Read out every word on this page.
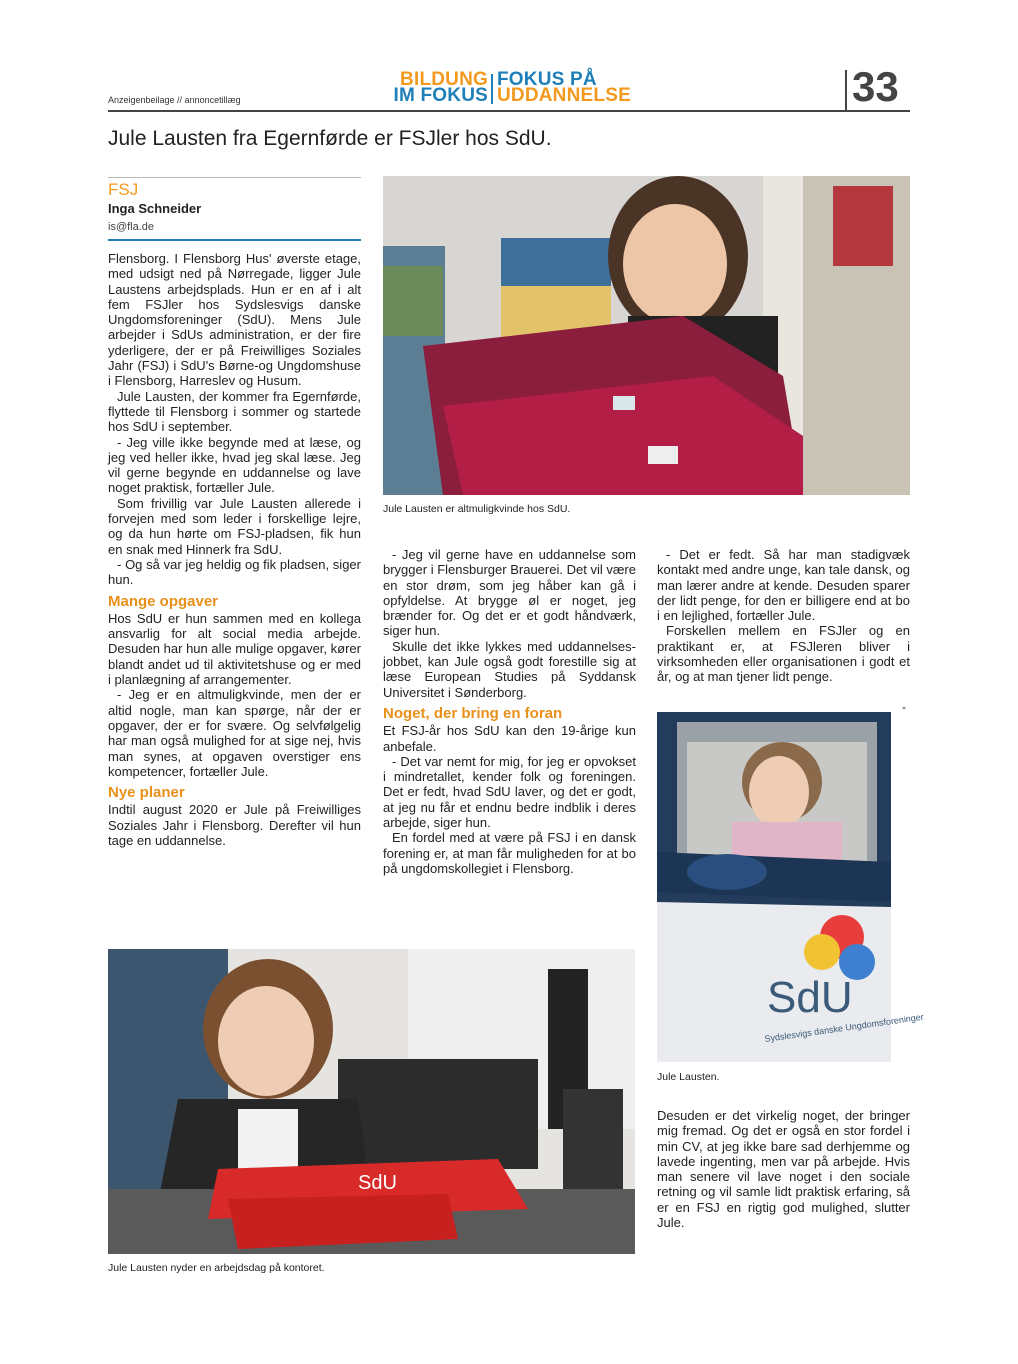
Anzeigenbeilage // annoncetillæg
BILDUNG
IM FOKUS
FOKUS PÅ
UDDANNELSE	33
Jule Lausten fra Egernførde er FSJler hos SdU.
FSJ
Inga Schneider
is@fla.de

Flensborg. I Flensborg Hus' øverste etage, med udsigt ned på Nørregade, ligger Jule Laustens arbejdsplads. Hun er en af i alt fem FSJler hos Sydslesvigs danske Ungdomsforeninger (SdU). Mens Jule arbejder i SdUs administration, er der fire yderligere, der er på Freiwilliges Soziales Jahr (FSJ) i SdU's Børne-og Ungdomshuse i Flensborg, Harreslev og Husum.

Jule Lausten, der kommer fra Egernførde, flyttede til Flensborg i sommer og startede hos SdU i september.

- Jeg ville ikke begynde med at læse, og jeg ved heller ikke, hvad jeg skal læse. Jeg vil gerne begynde en uddannelse og lave noget praktisk, fortæller Jule.

Som frivillig var Jule Lausten allerede i forvejen med som leder i forskellige lejre, og da hun hørte om FSJ-pladsen, fik hun en snak med Hinnerk fra SdU.

- Og så var jeg heldig og fik pladsen, siger hun.

Mange opgaver

Hos SdU er hun sammen med en kollega ansvarlig for alt social media arbejde. Desuden har hun alle mulige opgaver, kører blandt andet ud til aktivitetshuse og er med i planlægning af arrangementer.

- Jeg er en altmuligkvinde, men der er altid nogle, man kan spørge, når der er opgaver, der er for svære. Og selvfølgelig har man også mulighed for at sige nej, hvis man synes, at opgaven overstiger ens kompetencer, fortæller Jule.

Nye planer

Indtil august 2020 er Jule på Freiwilliges Soziales Jahr i Flensborg. Derefter vil hun tage en uddannelse.

Jule Lausten er altmuligkvinde hos SdU.

- Jeg vil gerne have en uddannelse som brygger i Flensburger Brauerei. Det vil være en stor drøm, som jeg håber kan gå i opfyldelse. At brygge øl er noget, jeg brænder for. Og det er et godt håndværk, siger hun.

Skulle det ikke lykkes med uddannelses-jobbet, kan Jule også godt forestille sig at læse European Studies på Syddansk Universitet i Sønderborg.

Noget, der bring en foran

Et FSJ-år hos SdU kan den 19-årige kun anbefale.

- Det var nemt for mig, for jeg er opvokset i mindretallet, kender folk og foreningen. Det er fedt, hvad SdU laver, og det er godt, at jeg nu får et endnu bedre indblik i deres arbejde, siger hun.

En fordel med at være på FSJ i en dansk forening er, at man får muligheden for at bo på ungdomskollegiet i Flensborg.

- Det er fedt. Så har man stadigvæk kontakt med andre unge, kan tale dansk, og man lærer andre at kende. Desuden sparer der lidt penge, for den er billigere end at bo i en lejlighed, fortæller Jule.

Forskellen mellem en FSJler og en praktikant er, at FSJleren bliver i virksomheden eller organisationen i godt et år, og at man tjener lidt penge.

-
SdU
Sydslesvigs danske Ungdomsforeninger
Jule Lausten.

Desuden er det virkelig noget, der bringer mig fremad. Og det er også en stor fordel i min CV, at jeg ikke bare sad derhjemme og lavede ingenting, men var på arbejde. Hvis man senere vil lave noget i den sociale retning og vil samle lidt praktisk erfaring, så er en FSJ en rigtig god mulighed, slutter Jule.

SdU
Jule Lausten nyder en arbejdsdag på kontoret.
